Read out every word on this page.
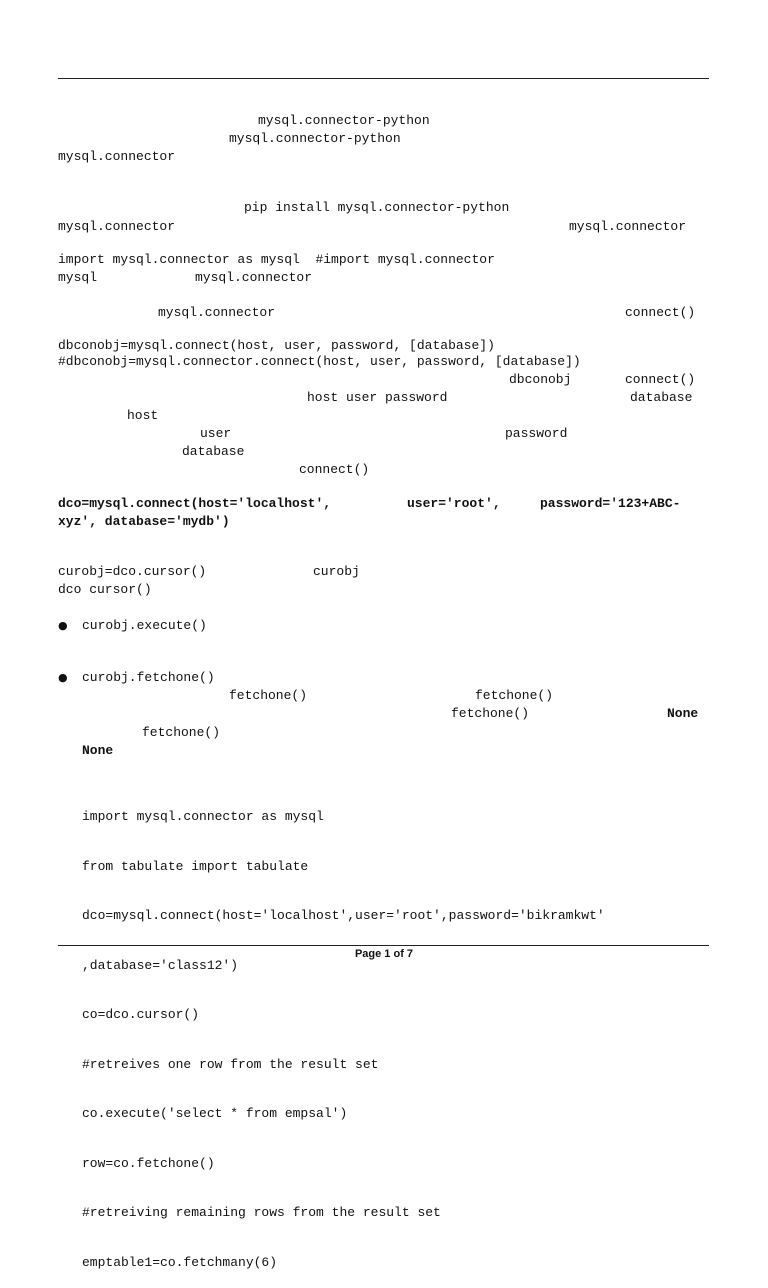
mysql.connector-python
mysql.connector-python
mysql.connector
pip install mysql.connector-python
mysql.connector	mysql.connector
import mysql.connector as mysql  #import mysql.connector
mysql	mysql.connector
mysql.connector	connect()
dbconobj=mysql.connect(host, user, password, [database])
#dbconobj=mysql.connector.connect(host, user, password, [database])
dbconobj	connect()
host user password	database
host
user	password
database
connect()
dco=mysql.connect(host='localhost',	user='root',	password='123+ABC-
xyz', database='mydb')
curobj=dco.cursor()	curobj
dco cursor()
● curobj.execute()
● curobj.fetchone()
fetchone()	fetchone()
fetchone()	None
fetchone()
None

import mysql.connector as mysql

from tabulate import tabulate

dco=mysql.connect(host='localhost',user='root',password='bikramkwt'

,database='class12')

co=dco.cursor()

#retreives one row from the result set

co.execute('select * from empsal')

row=co.fetchone()

#retreiving remaining rows from the result set

emptable1=co.fetchmany(6)

Page 1 of 7
